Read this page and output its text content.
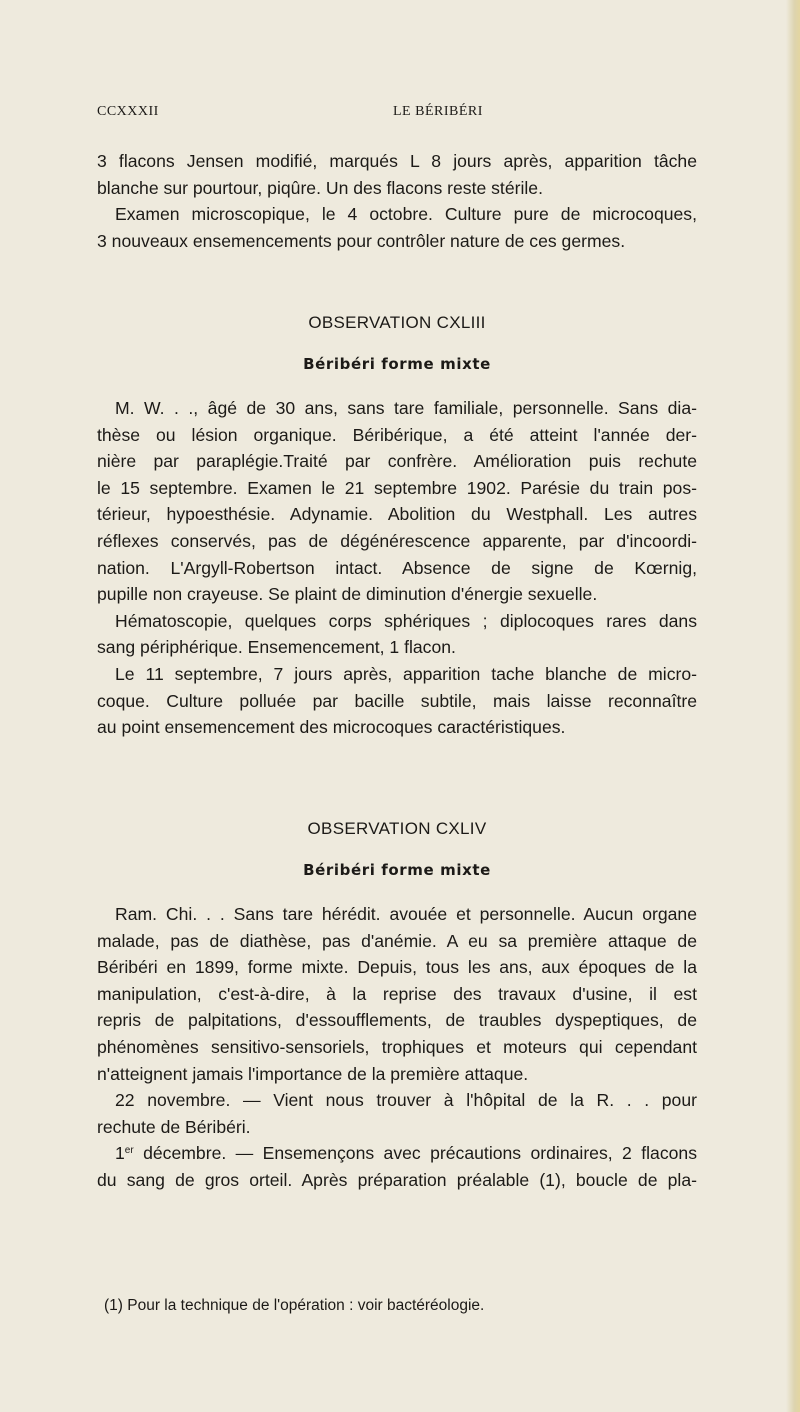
CCXXXII	LE BÉRIBÉRI
3 flacons Jensen modifié, marqués L 8 jours après, apparition tâche
blanche sur pourtour, piqûre. Un des flacons reste stérile.
Examen microscopique, le 4 octobre. Culture pure de microcoques,
3 nouveaux ensemencements pour contrôler nature de ces germes.
OBSERVATION CXLIII
Béribéri forme mixte
M. W. . ., âgé de 30 ans, sans tare familiale, personnelle. Sans dia-
thèse ou lésion organique. Béribérique, a été atteint l'année der-
nière par paraplégie.Traité par confrère. Amélioration puis rechute
le 15 septembre. Examen le 21 septembre 1902. Parésie du train pos-
térieur, hypoesthésie. Adynamie. Abolition du Westphall. Les autres
réflexes conservés, pas de dégénérescence apparente, par d'incoordi-
nation. L'Argyll-Robertson intact. Absence de signe de Kœrnig,
pupille non crayeuse. Se plaint de diminution d'énergie sexuelle.
Hématoscopie, quelques corps sphériques ; diplocoques rares dans
sang périphérique. Ensemencement, 1 flacon.
Le 11 septembre, 7 jours après, apparition tache blanche de micro-
coque. Culture polluée par bacille subtile, mais laisse reconnaître
au point ensemencement des microcoques caractéristiques.
OBSERVATION CXLIV
Béribéri forme mixte
Ram. Chi. . . Sans tare hérédit. avouée et personnelle. Aucun organe
malade, pas de diathèse, pas d'anémie. A eu sa première attaque de
Béribéri en 1899, forme mixte. Depuis, tous les ans, aux époques de la
manipulation, c'est-à-dire, à la reprise des travaux d'usine, il est
repris de palpitations, d'essoufflements, de traubles dyspeptiques, de
phénomènes sensitivo-sensoriels, trophiques et moteurs qui cependant
n'atteignent jamais l'importance de la première attaque.
22 novembre. — Vient nous trouver à l'hôpital de la R. . . pour
rechute de Béribéri.
1er décembre. — Ensemençons avec précautions ordinaires, 2 flacons
du sang de gros orteil. Après préparation préalable (1), boucle de pla-
(1) Pour la technique de l'opération : voir bactéréologie.
